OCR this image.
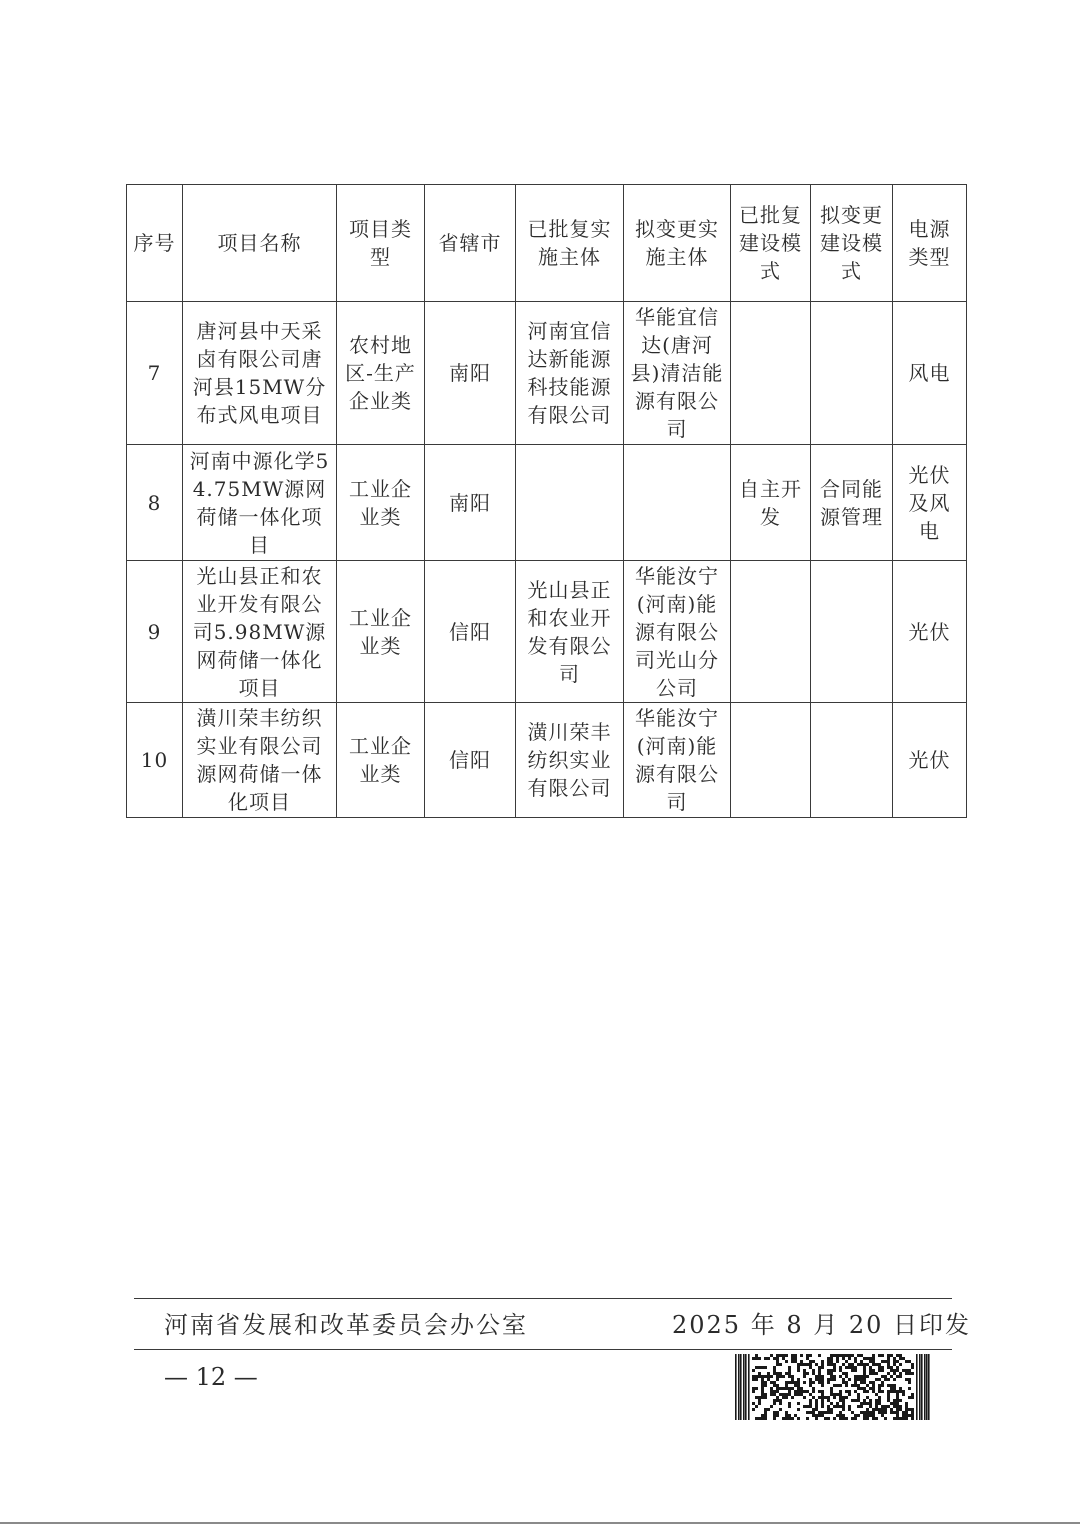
序号	项目名称	项目类型	省辖市	已批复实施主体	拟变更实施主体	已批复建设模式	拟变更建设模式	电源类型
7	唐河县中天采卤有限公司唐河县15MW分布式风电项目	农村地区-生产企业类	南阳	河南宜信达新能源科技能源有限公司	华能宜信达(唐河县)清洁能源有限公司			风电
8	河南中源化学54.75MW源网荷储一体化项目	工业企业类	南阳			自主开发	合同能源管理	光伏及风电
9	光山县正和农业开发有限公司5.98MW源网荷储一体化项目	工业企业类	信阳	光山县正和农业开发有限公司	华能汝宁(河南)能源有限公司光山分公司			光伏
10	潢川荣丰纺织实业有限公司源网荷储一体化项目	工业企业类	信阳	潢川荣丰纺织实业有限公司	华能汝宁(河南)能源有限公司			光伏
河南省发展和改革委员会办公室	2025 年 8 月 20 日印发
— 12 —
